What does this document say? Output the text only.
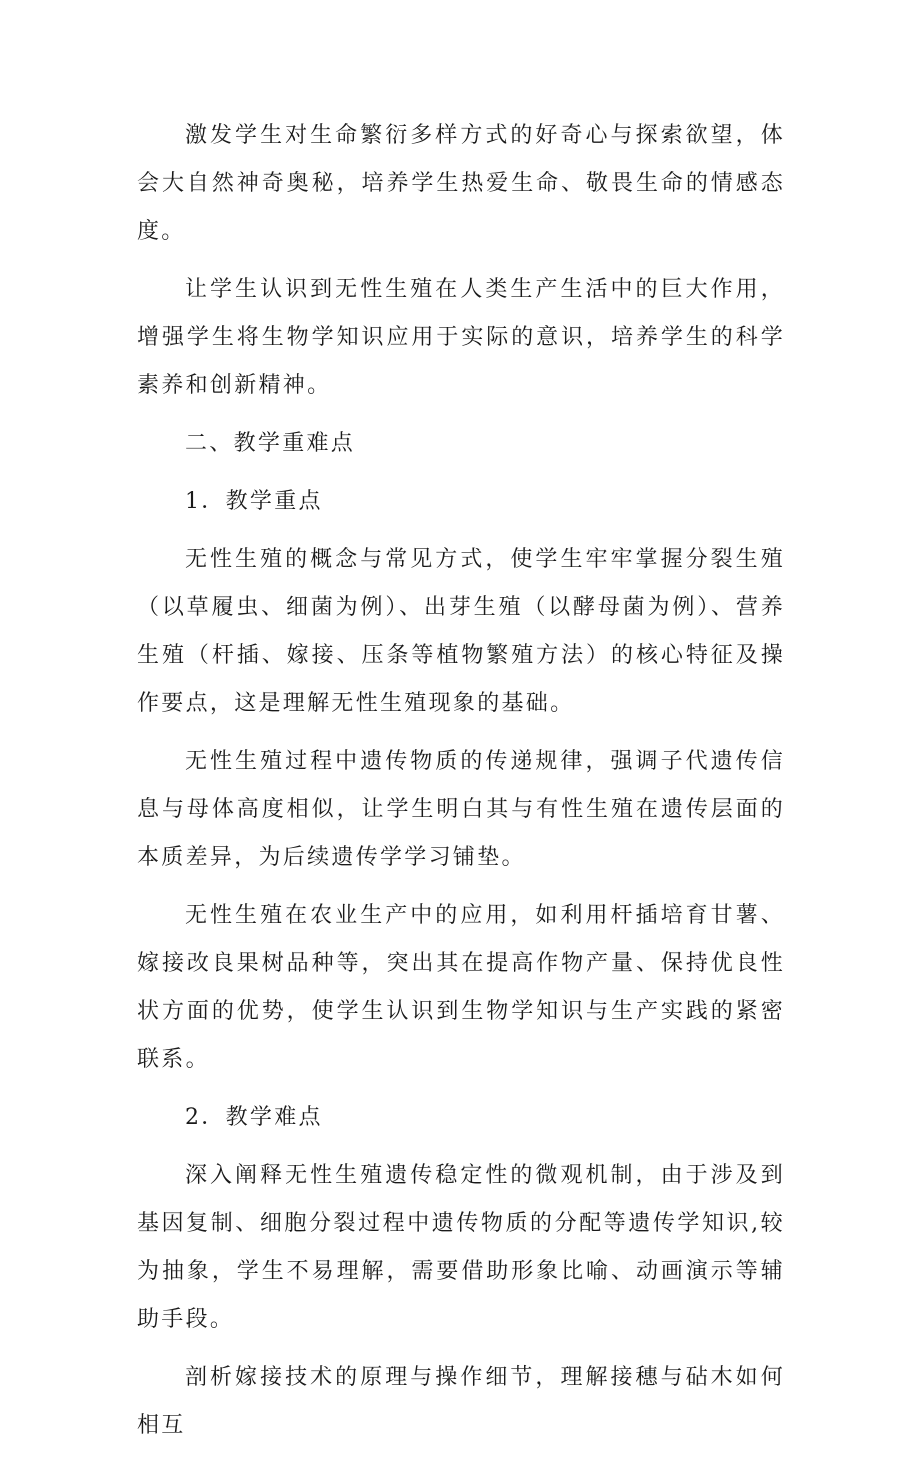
激发学生对生命繁衍多样方式的好奇心与探索欲望，体会大自然神奇奥秘，培养学生热爱生命、敬畏生命的情感态度。

让学生认识到无性生殖在人类生产生活中的巨大作用，增强学生将生物学知识应用于实际的意识，培养学生的科学素养和创新精神。

二、教学重难点

1．教学重点

无性生殖的概念与常见方式，使学生牢牢掌握分裂生殖（以草履虫、细菌为例）、出芽生殖（以酵母菌为例）、营养生殖（杆插、嫁接、压条等植物繁殖方法）的核心特征及操作要点，这是理解无性生殖现象的基础。

无性生殖过程中遗传物质的传递规律，强调子代遗传信息与母体高度相似，让学生明白其与有性生殖在遗传层面的本质差异，为后续遗传学学习铺垫。

无性生殖在农业生产中的应用，如利用杆插培育甘薯、嫁接改良果树品种等，突出其在提高作物产量、保持优良性状方面的优势，使学生认识到生物学知识与生产实践的紧密联系。

2．教学难点

深入阐释无性生殖遗传稳定性的微观机制，由于涉及到基因复制、细胞分裂过程中遗传物质的分配等遗传学知识,较为抽象，学生不易理解，需要借助形象比喻、动画演示等辅助手段。

剖析嫁接技术的原理与操作细节，理解接穗与砧木如何相互
